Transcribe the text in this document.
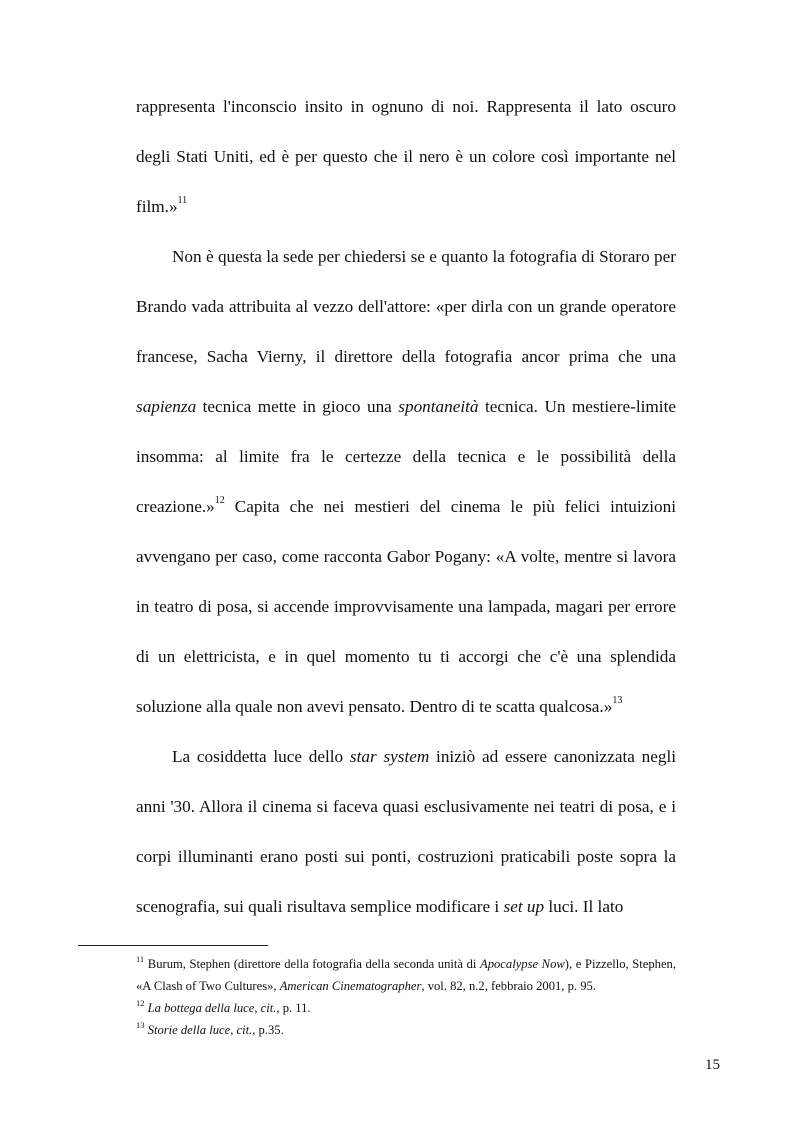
rappresenta l'inconscio insito in ognuno di noi. Rappresenta il lato oscuro degli Stati Uniti, ed è per questo che il nero è un colore così importante nel film.»$^{11}$

Non è questa la sede per chiedersi se e quanto la fotografia di Storaro per Brando vada attribuita al vezzo dell'attore: «per dirla con un grande operatore francese, Sacha Vierny, il direttore della fotografia ancor prima che una sapienza tecnica mette in gioco una spontaneità tecnica. Un mestiere-limite insomma: al limite fra le certezze della tecnica e le possibilità della creazione.»$^{12}$ Capita che nei mestieri del cinema le più felici intuizioni avvengano per caso, come racconta Gabor Pogany: «A volte, mentre si lavora in teatro di posa, si accende improvvisamente una lampada, magari per errore di un elettricista, e in quel momento tu ti accorgi che c'è una splendida soluzione alla quale non avevi pensato. Dentro di te scatta qualcosa.»$^{13}$

La cosiddetta luce dello star system iniziò ad essere canonizzata negli anni '30. Allora il cinema si faceva quasi esclusivamente nei teatri di posa, e i corpi illuminanti erano posti sui ponti, costruzioni praticabili poste sopra la scenografia, sui quali risultava semplice modificare i set up luci. Il lato

$^{11}$ Burum, Stephen (direttore della fotografia della seconda unità di Apocalypse Now), e Pizzello, Stephen, «A Clash of Two Cultures», American Cinematographer, vol. 82, n.2, febbraio 2001, p. 95.

$^{12}$ La bottega della luce, cit., p. 11.

$^{13}$ Storie della luce, cit., p.35.

15
